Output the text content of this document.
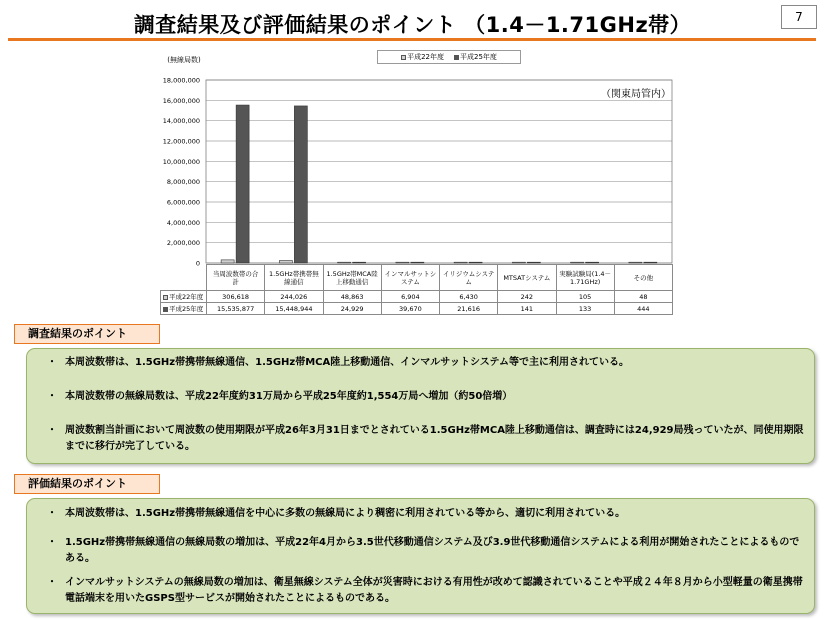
調査結果及び評価結果のポイント （1.4－1.71GHz帯）	7
(無線局数)
0
2,000,000
4,000,000
6,000,000
8,000,000
10,000,000
12,000,000
14,000,000
16,000,000
18,000,000
（関東局管内）
平成22年度	平成25年度

	当周波数帯の合
計	1.5GHz帯携帯無
線通信	1.5GHz帯MCA陸
上移動通信	インマルサットシ
ステム	イリジウムシステ
ム	MTSATシステム	実験試験局(1.4－
1.71GHz)	その他

平成22年度	306,618	244,026	48,863	6,904	6,430	242	105	48
平成25年度	15,535,877	15,448,944	24,929	39,670	21,616	141	133	444
調査結果のポイント
・ 本周波数帯は、1.5GHz帯携帯無線通信、1.5GHz帯MCA陸上移動通信、インマルサットシステム等で主に利用されている。
・ 本周波数帯の無線局数は、平成22年度約31万局から平成25年度約1,554万局へ増加（約50倍増）
・ 周波数割当計画において周波数の使用期限が平成26年3月31日までとされている1.5GHz帯MCA陸上移動通信は、調査時には24,929局残っていたが、同使用期限までに移行が完了している。
評価結果のポイント
・ 本周波数帯は、1.5GHz帯携帯無線通信を中心に多数の無線局により稠密に利用されている等から、適切に利用されている。
・ 1.5GHz帯携帯無線通信の無線局数の増加は、平成22年4月から3.5世代移動通信システム及び3.9世代移動通信システムによる利用が開始されたことによるものである。
・ インマルサットシステムの無線局数の増加は、衛星無線システム全体が災害時における有用性が改めて認識されていることや平成２４年８月から小型軽量の衛星携帯電話端末を用いたGSPS型サービスが開始されたことによるものである。
